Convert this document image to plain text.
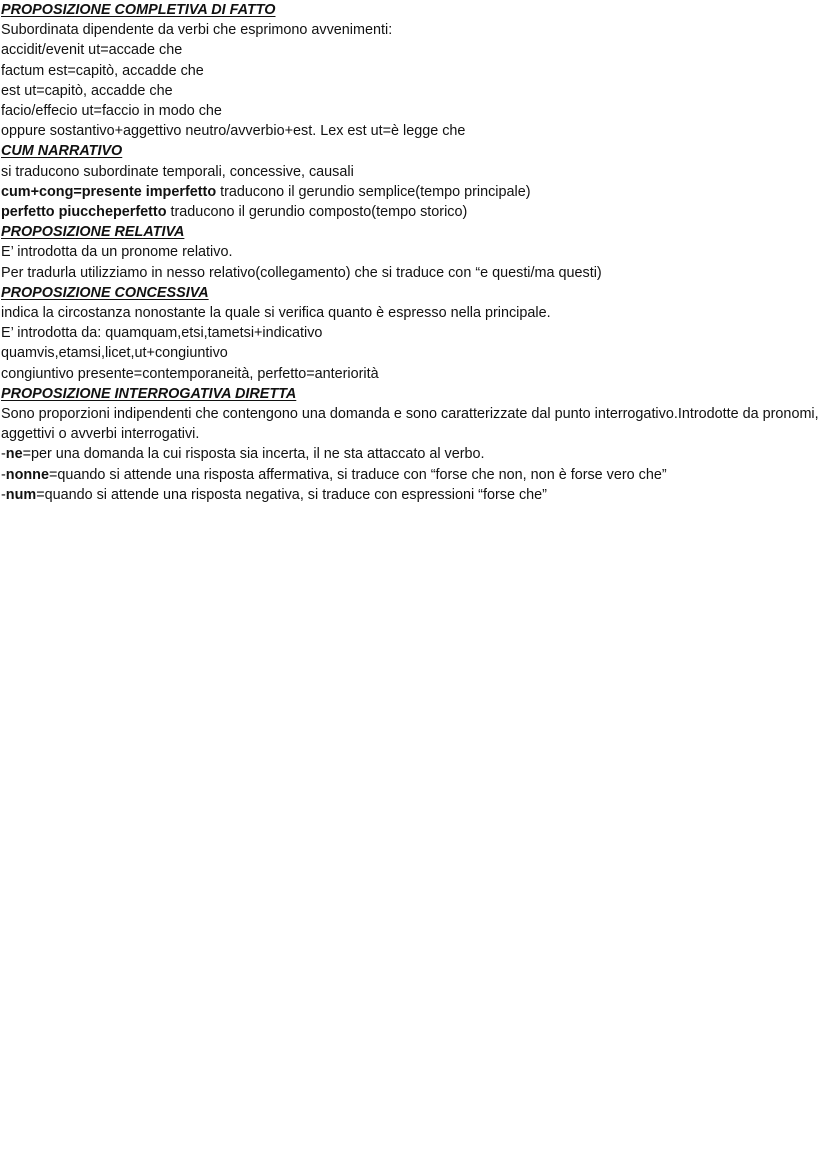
PROPOSIZIONE COMPLETIVA DI FATTO
Subordinata dipendente da verbi che esprimono avvenimenti:
accidit/evenit ut=accade che
factum est=capitò, accadde che
est ut=capitò, accadde che
facio/effecio ut=faccio in modo che
oppure sostantivo+aggettivo neutro/avverbio+est. Lex est ut=è legge che
CUM NARRATIVO
si traducono subordinate temporali, concessive, causali
cum+cong=presente imperfetto traducono il gerundio semplice(tempo principale)
perfetto piuccheperfetto traducono il gerundio composto(tempo storico)
PROPOSIZIONE RELATIVA
E’ introdotta da un pronome relativo.
Per tradurla utilizziamo in nesso relativo(collegamento) che si traduce con “e questi/ma questi)
PROPOSIZIONE CONCESSIVA
indica la circostanza nonostante la quale si verifica quanto è espresso nella principale.
E’ introdotta da: quamquam,etsi,tametsi+indicativo
quamvis,etamsi,licet,ut+congiuntivo
congiuntivo presente=contemporaneità, perfetto=anteriorità
PROPOSIZIONE INTERROGATIVA DIRETTA
Sono proporzioni indipendenti che contengono una domanda e sono caratterizzate dal punto interrogativo.Introdotte da pronomi, aggettivi o avverbi interrogativi.
-ne=per una domanda la cui risposta sia incerta, il ne sta attaccato al verbo.
-nonne=quando si attende una risposta affermativa, si traduce con “forse che non, non è forse vero che”
-num=quando si attende una risposta negativa, si traduce con espressioni “forse che”
